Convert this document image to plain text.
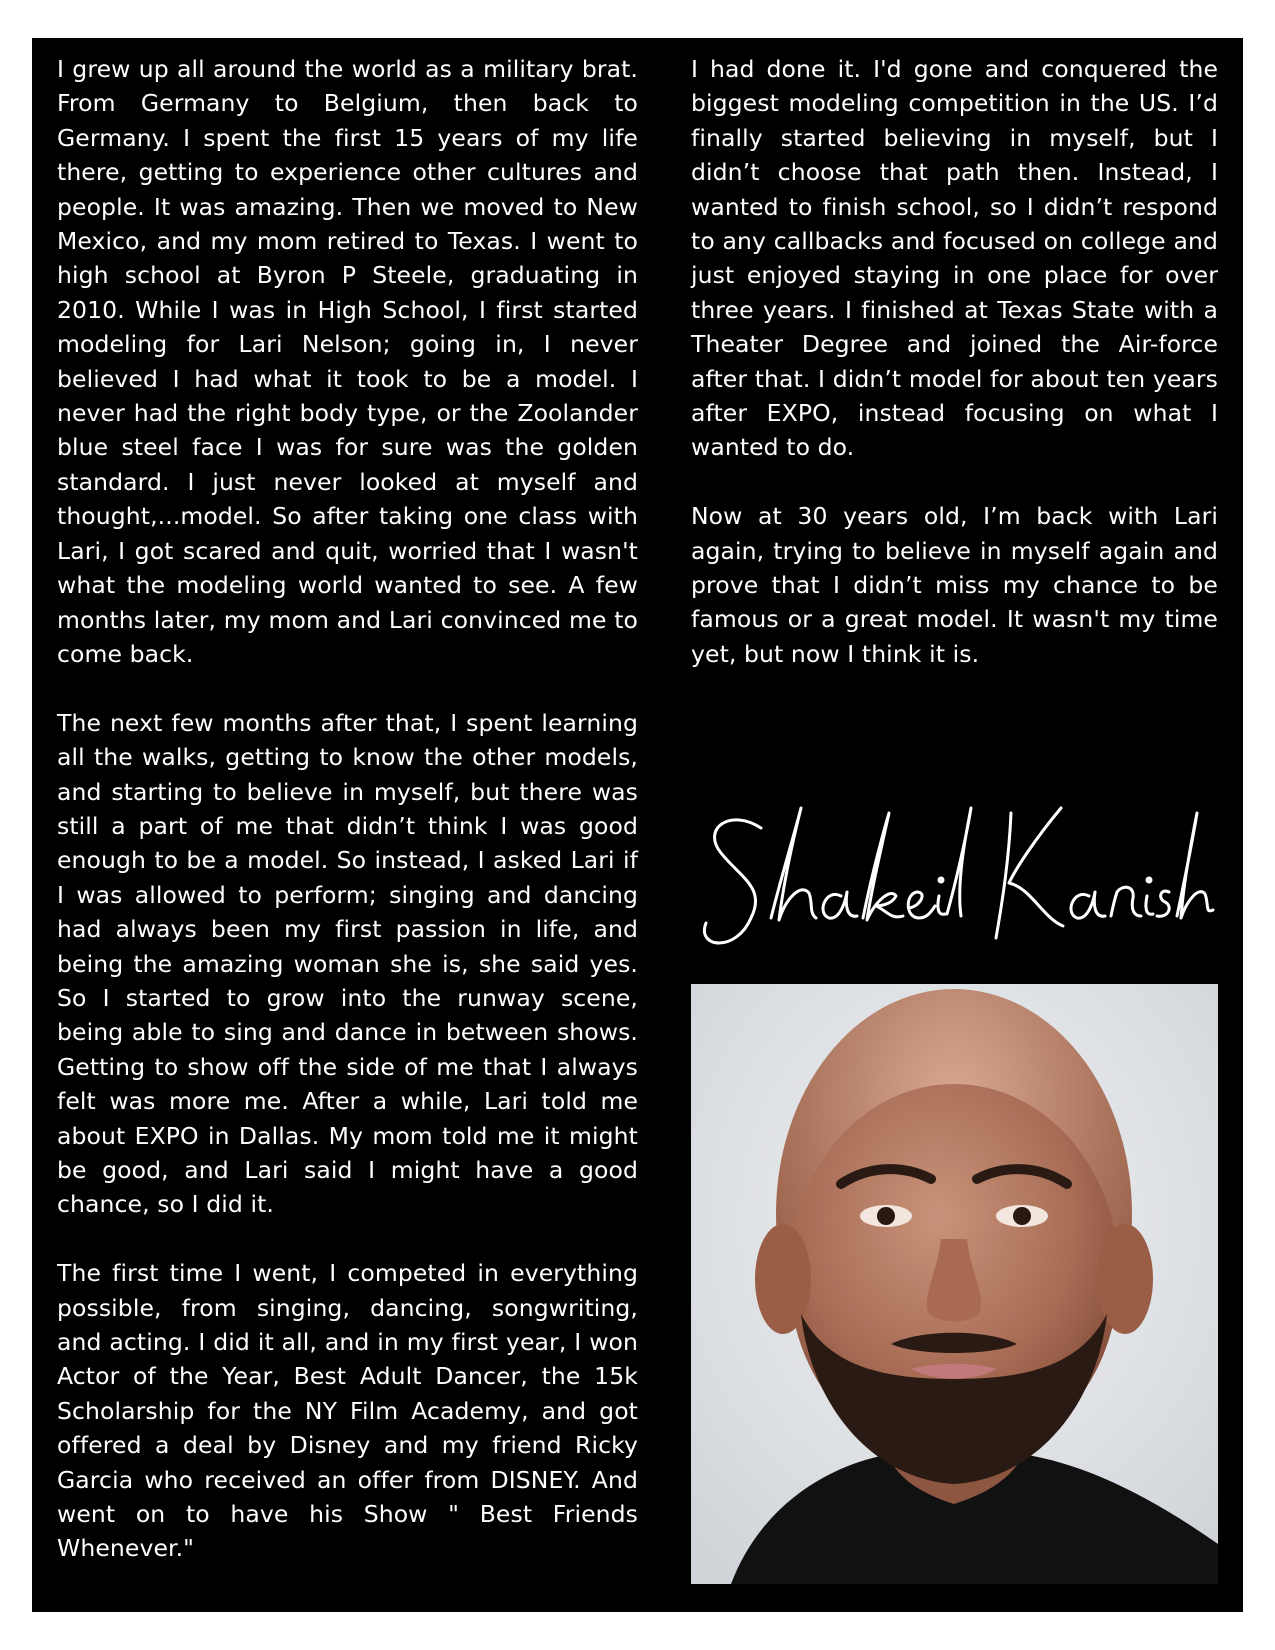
I grew up all around the world as a military brat. From Germany to Belgium, then back to Germany. I spent the first 15 years of my life there, getting to experience other cultures and people. It was amazing. Then we moved to New Mexico, and my mom retired to Texas. I went to high school at Byron P Steele, graduating in 2010. While I was in High School, I first started modeling for Lari Nelson; going in, I never believed I had what it took to be a model. I never had the right body type, or the Zoolander blue steel face I was for sure was the golden standard. I just never looked at myself and thought,...model. So after taking one class with Lari, I got scared and quit, worried that I wasn't what the modeling world wanted to see. A few months later, my mom and Lari convinced me to come back.

The next few months after that, I spent learning all the walks, getting to know the other models, and starting to believe in myself, but there was still a part of me that didn’t think I was good enough to be a model. So instead, I asked Lari if I was allowed to perform; singing and dancing had always been my first passion in life, and being the amazing woman she is, she said yes. So I started to grow into the runway scene, being able to sing and dance in between shows. Getting to show off the side of me that I always felt was more me. After a while, Lari told me about EXPO in Dallas. My mom told me it might be good, and Lari said I might have a good chance, so I did it.

The first time I went, I competed in everything possible, from singing, dancing, songwriting, and acting. I did it all, and in my first year, I won Actor of the Year, Best Adult Dancer, the 15k Scholarship for the NY Film Academy, and got offered a deal by Disney and my friend Ricky Garcia who received an offer from DISNEY. And went on to have his Show " Best Friends Whenever."

I had done it. I'd gone and conquered the biggest modeling competition in the US. I’d finally started believing in myself, but I didn’t choose that path then. Instead, I wanted to finish school, so I didn’t respond to any callbacks and focused on college and just enjoyed staying in one place for over three years. I finished at Texas State with a Theater Degree and joined the Air-force after that. I didn’t model for about ten years after EXPO, instead focusing on what I wanted to do.

Now at 30 years old, I’m back with Lari again, trying to believe in myself again and prove that I didn’t miss my chance to be famous or a great model. It wasn't my time yet, but now I think it is.
